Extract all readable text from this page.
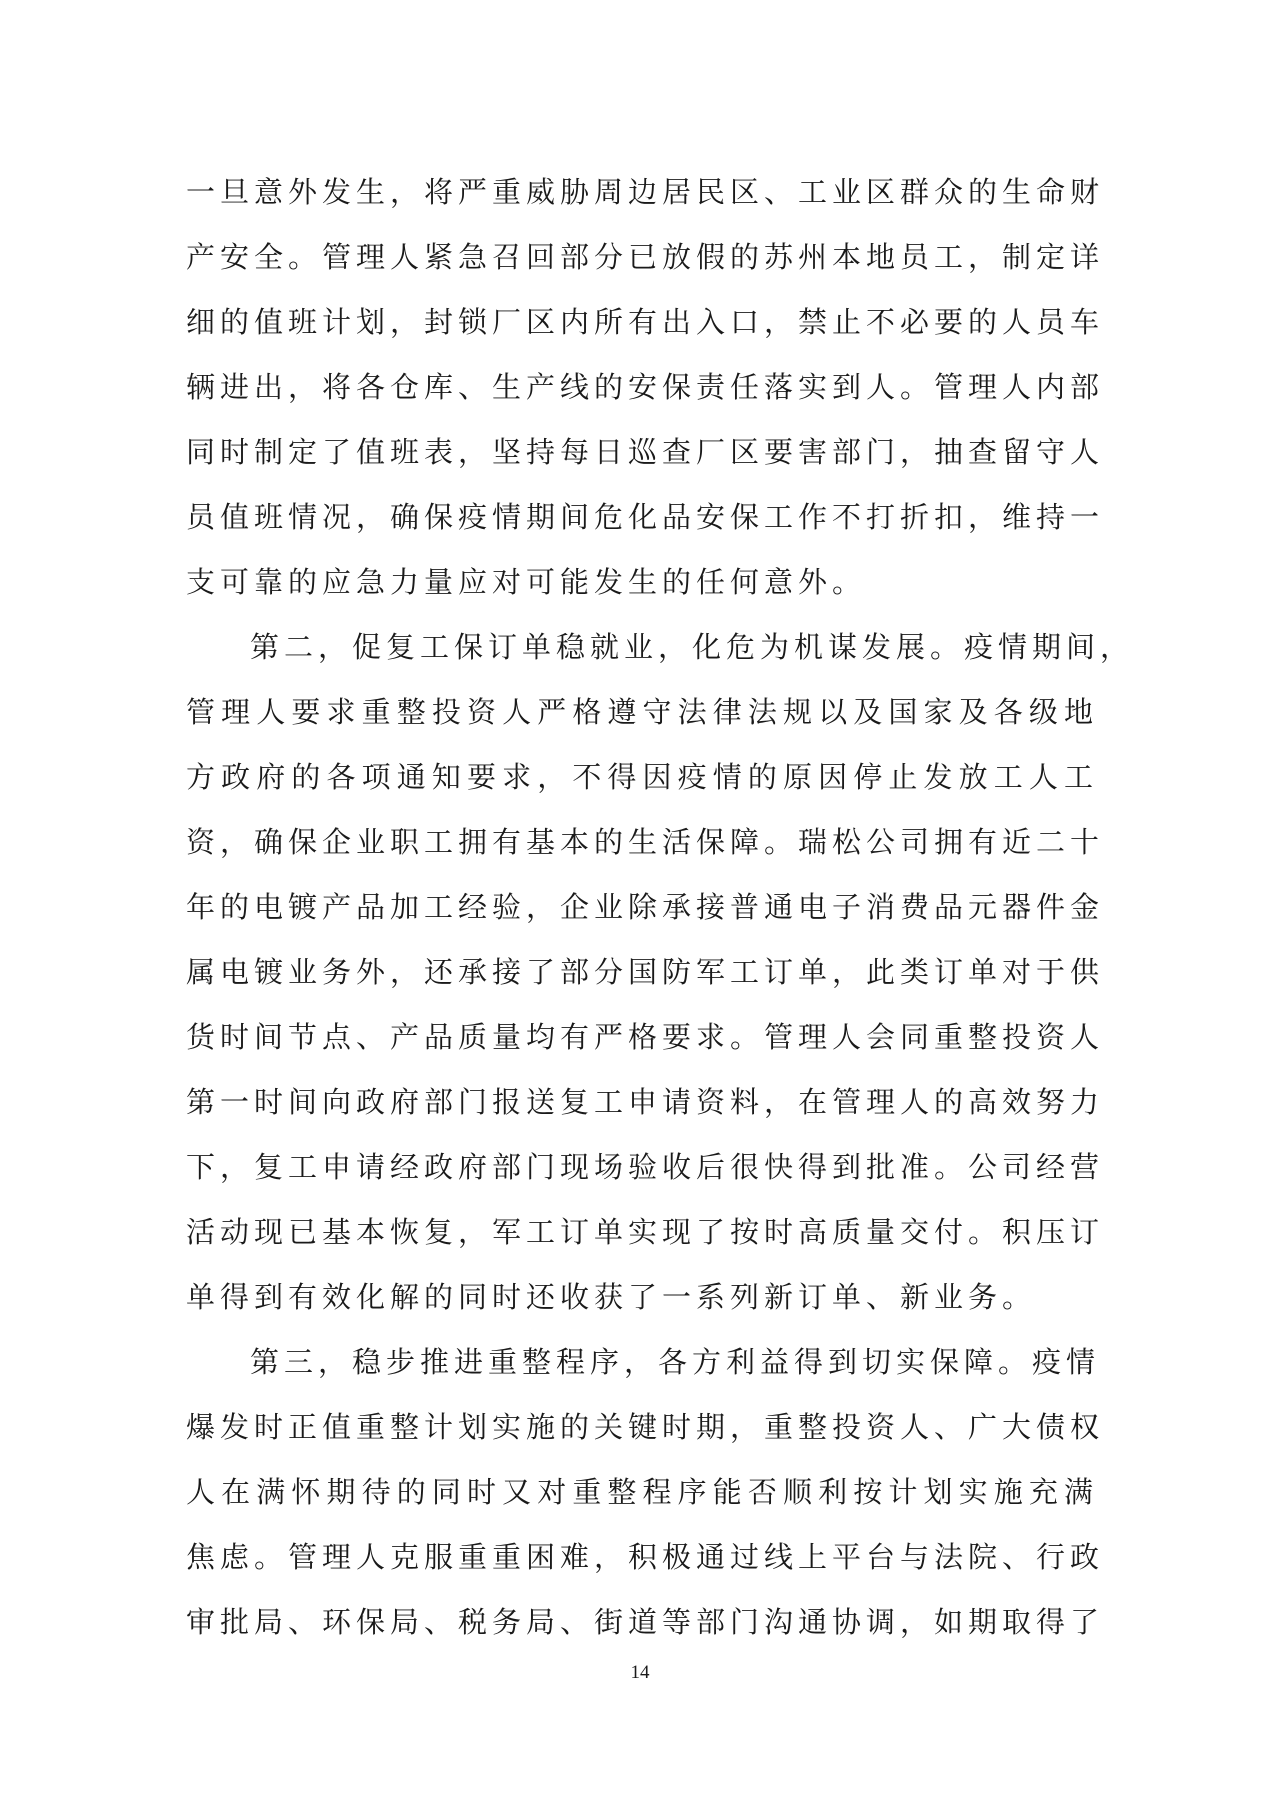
一旦意外发生，将严重威胁周边居民区、工业区群众的生命财
产安全。管理人紧急召回部分已放假的苏州本地员工，制定详
细的值班计划，封锁厂区内所有出入口，禁止不必要的人员车
辆进出，将各仓库、生产线的安保责任落实到人。管理人内部
同时制定了值班表，坚持每日巡查厂区要害部门，抽查留守人
员值班情况，确保疫情期间危化品安保工作不打折扣，维持一
支可靠的应急力量应对可能发生的任何意外。
第二，促复工保订单稳就业，化危为机谋发展。疫情期间，
管理人要求重整投资人严格遵守法律法规以及国家及各级地
方政府的各项通知要求，不得因疫情的原因停止发放工人工
资，确保企业职工拥有基本的生活保障。瑞松公司拥有近二十
年的电镀产品加工经验，企业除承接普通电子消费品元器件金
属电镀业务外，还承接了部分国防军工订单，此类订单对于供
货时间节点、产品质量均有严格要求。管理人会同重整投资人
第一时间向政府部门报送复工申请资料，在管理人的高效努力
下，复工申请经政府部门现场验收后很快得到批准。公司经营
活动现已基本恢复，军工订单实现了按时高质量交付。积压订
单得到有效化解的同时还收获了一系列新订单、新业务。
第三，稳步推进重整程序，各方利益得到切实保障。疫情
爆发时正值重整计划实施的关键时期，重整投资人、广大债权
人在满怀期待的同时又对重整程序能否顺利按计划实施充满
焦虑。管理人克服重重困难，积极通过线上平台与法院、行政
审批局、环保局、税务局、街道等部门沟通协调，如期取得了
14
